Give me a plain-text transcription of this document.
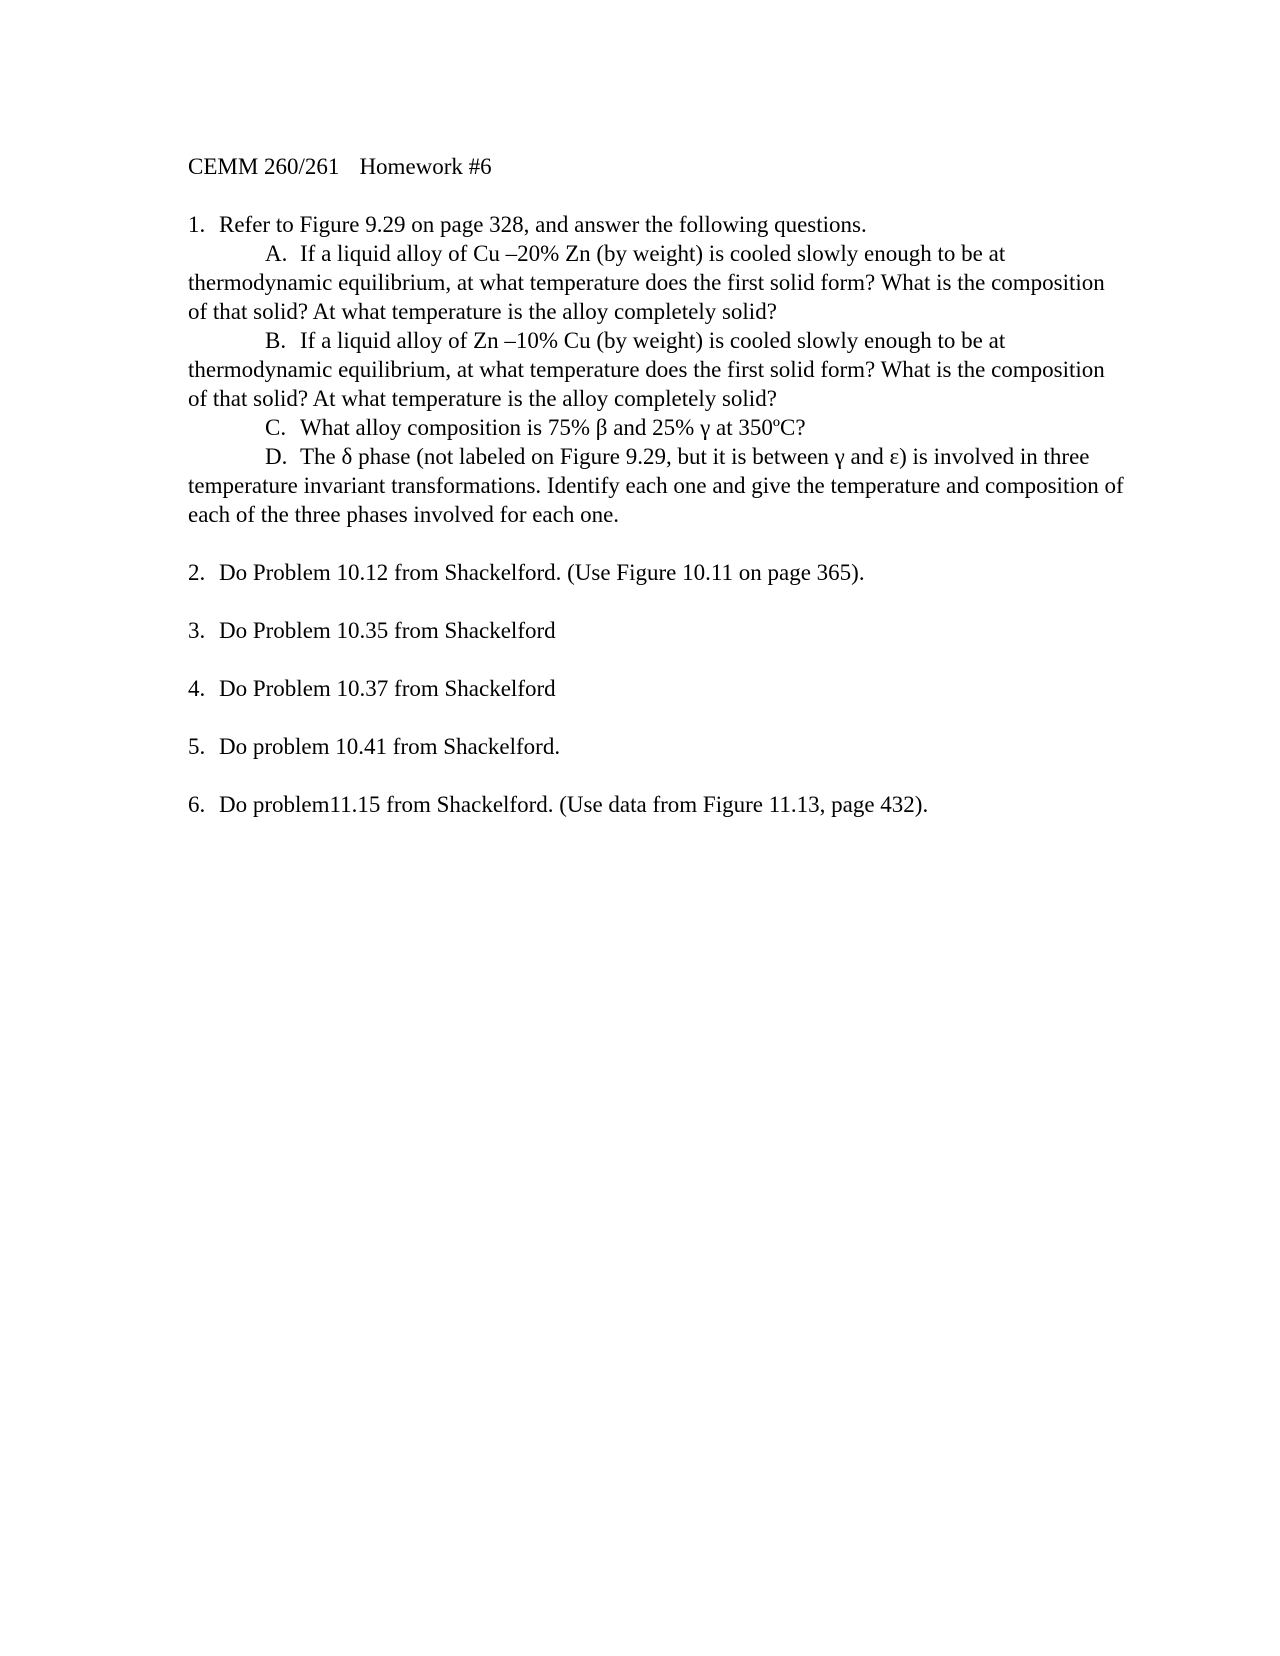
CEMM 260/261 Homework #6

1. Refer to Figure 9.29 on page 328, and answer the following questions.

A. If a liquid alloy of Cu –20% Zn (by weight) is cooled slowly enough to be at thermodynamic equilibrium, at what temperature does the first solid form? What is the composition of that solid? At what temperature is the alloy completely solid?

B. If a liquid alloy of Zn –10% Cu (by weight) is cooled slowly enough to be at thermodynamic equilibrium, at what temperature does the first solid form? What is the composition of that solid? At what temperature is the alloy completely solid?

C. What alloy composition is 75% β and 25% γ at 350ºC?

D. The δ phase (not labeled on Figure 9.29, but it is between γ and ε) is involved in three temperature invariant transformations. Identify each one and give the temperature and composition of each of the three phases involved for each one.

2. Do Problem 10.12 from Shackelford. (Use Figure 10.11 on page 365).

3. Do Problem 10.35 from Shackelford

4. Do Problem 10.37 from Shackelford

5. Do problem 10.41 from Shackelford.

6. Do problem11.15 from Shackelford. (Use data from Figure 11.13, page 432).
